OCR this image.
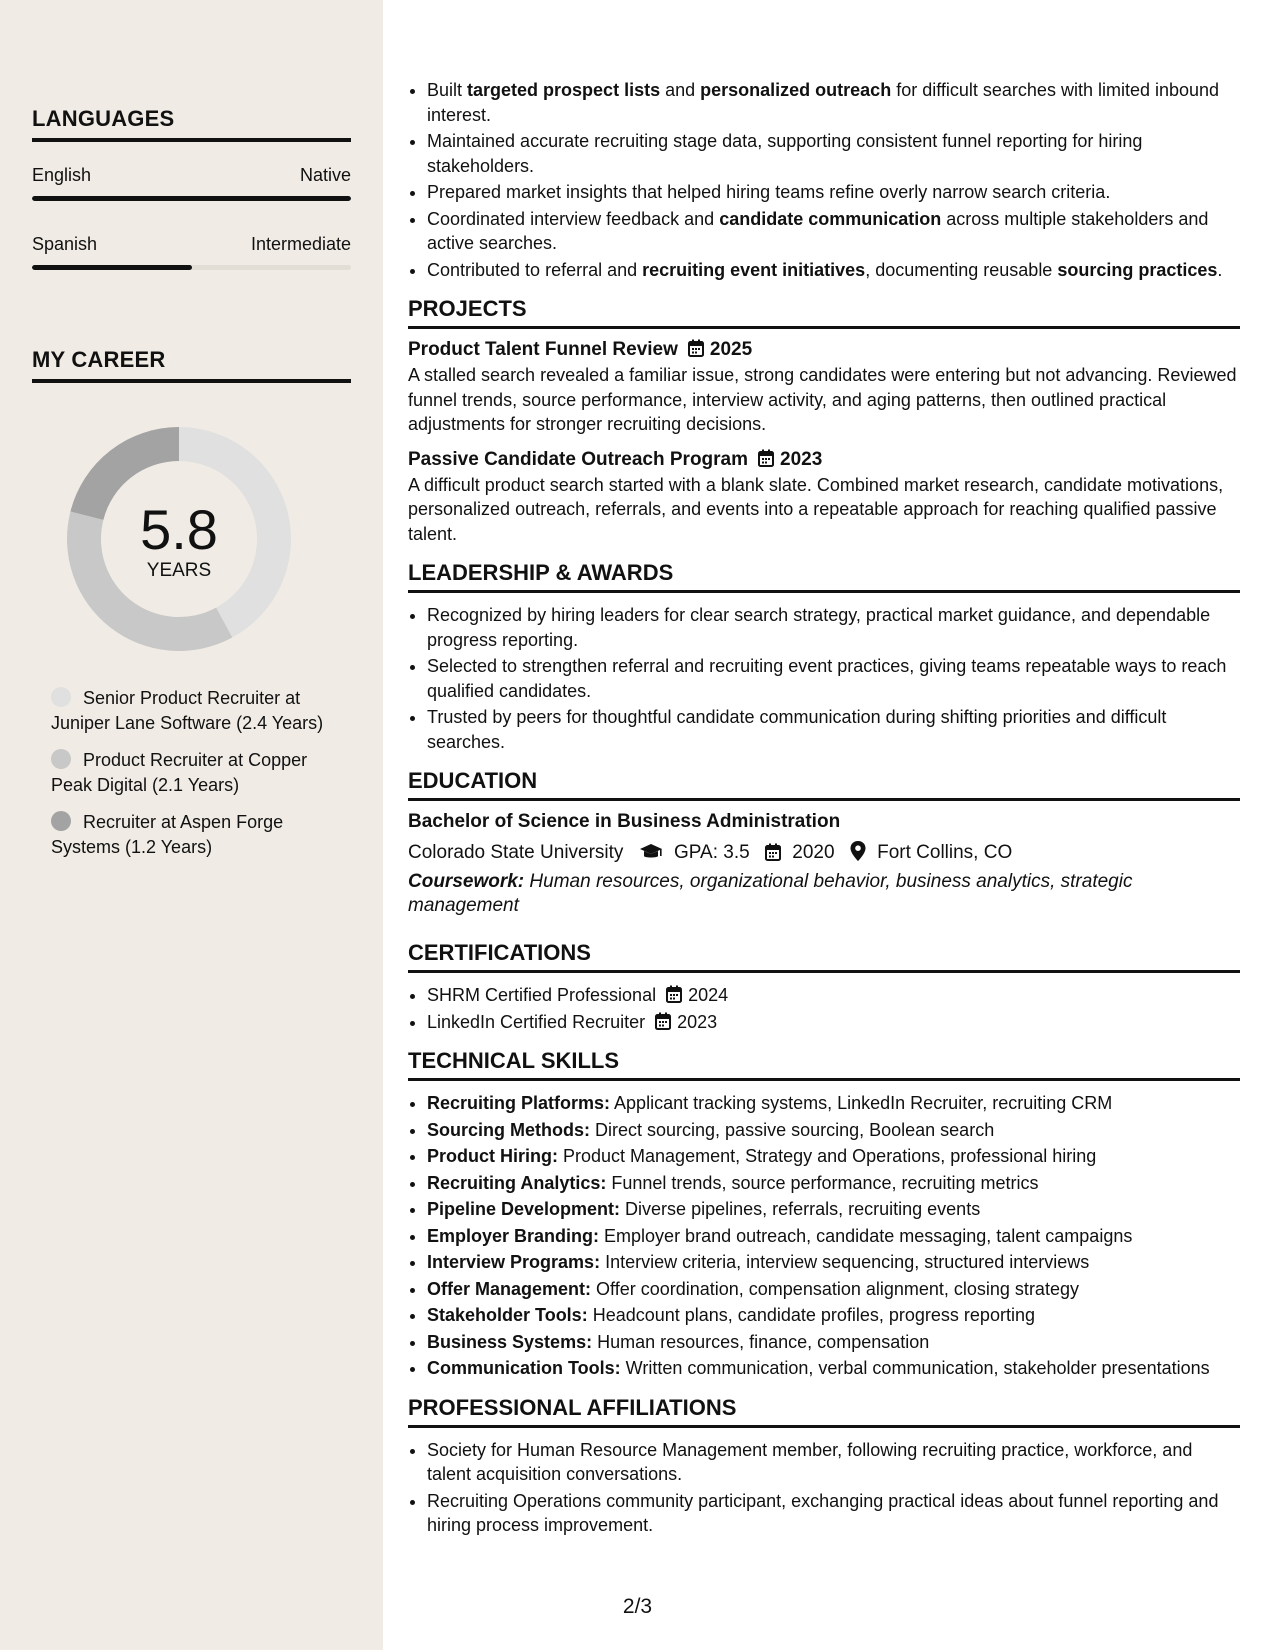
LANGUAGES
English	Native
Spanish	Intermediate
MY CAREER
5.8
YEARS
Senior Product Recruiter at Juniper Lane Software (2.4 Years)
Product Recruiter at Copper Peak Digital (2.1 Years)
Recruiter at Aspen Forge Systems (1.2 Years)
• Built targeted prospect lists and personalized outreach for difficult searches with limited inbound interest.
• Maintained accurate recruiting stage data, supporting consistent funnel reporting for hiring stakeholders.
• Prepared market insights that helped hiring teams refine overly narrow search criteria.
• Coordinated interview feedback and candidate communication across multiple stakeholders and active searches.
• Contributed to referral and recruiting event initiatives, documenting reusable sourcing practices.
PROJECTS
Product Talent Funnel Review 2025
A stalled search revealed a familiar issue, strong candidates were entering but not advancing. Reviewed funnel trends, source performance, interview activity, and aging patterns, then outlined practical adjustments for stronger recruiting decisions.
Passive Candidate Outreach Program 2023
A difficult product search started with a blank slate. Combined market research, candidate motivations, personalized outreach, referrals, and events into a repeatable approach for reaching qualified passive talent.
LEADERSHIP & AWARDS
• Recognized by hiring leaders for clear search strategy, practical market guidance, and dependable progress reporting.
• Selected to strengthen referral and recruiting event practices, giving teams repeatable ways to reach qualified candidates.
• Trusted by peers for thoughtful candidate communication during shifting priorities and difficult searches.
EDUCATION
Bachelor of Science in Business Administration
Colorado State University	GPA: 3.5 2020 Fort Collins, CO
Coursework: Human resources, organizational behavior, business analytics, strategic management
CERTIFICATIONS
• SHRM Certified Professional 2024
• LinkedIn Certified Recruiter 2023
TECHNICAL SKILLS
• Recruiting Platforms: Applicant tracking systems, LinkedIn Recruiter, recruiting CRM
• Sourcing Methods: Direct sourcing, passive sourcing, Boolean search
• Product Hiring: Product Management, Strategy and Operations, professional hiring
• Recruiting Analytics: Funnel trends, source performance, recruiting metrics
• Pipeline Development: Diverse pipelines, referrals, recruiting events
• Employer Branding: Employer brand outreach, candidate messaging, talent campaigns
• Interview Programs: Interview criteria, interview sequencing, structured interviews
• Offer Management: Offer coordination, compensation alignment, closing strategy
• Stakeholder Tools: Headcount plans, candidate profiles, progress reporting
• Business Systems: Human resources, finance, compensation
• Communication Tools: Written communication, verbal communication, stakeholder presentations
PROFESSIONAL AFFILIATIONS
• Society for Human Resource Management member, following recruiting practice, workforce, and talent acquisition conversations.
• Recruiting Operations community participant, exchanging practical ideas about funnel reporting and hiring process improvement.
2/3
